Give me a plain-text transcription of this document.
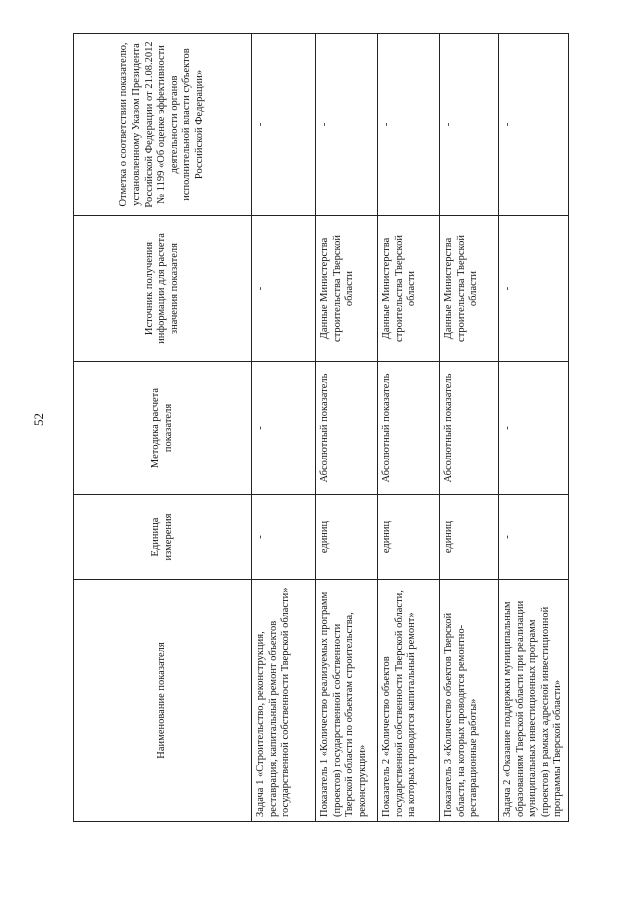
52
Наименование показателя	Единица измерения	Методика расчета показателя	Источник получения информации для расчета значения показателя	Отметка о соответствии показателю, установленному Указом Президента Российской Федерации от 21.08.2012 № 1199 «Об оценке эффективности деятельности органов исполнительной власти субъектов Российской Федерации»
Задача 1 «Строительство, реконструкция, реставрация, капитальный ремонт объектов государственной собственности Тверской области»	-	-	-	-
Показатель 1 «Количество реализуемых программ (проектов) государственной собственности Тверской области по объектам строительства, реконструкции»	единиц	Абсолютный показатель	Данные Министерства строительства Тверской области	-
Показатель 2 «Количество объектов государственной собственности Тверской области, на которых проводится капитальный ремонт»	единиц	Абсолютный показатель	Данные Министерства строительства Тверской области	-
Показатель 3 «Количество объектов Тверской области, на которых проводятся ремонтно-реставрационные работы»	единиц	Абсолютный показатель	Данные Министерства строительства Тверской области	-
Задача 2 «Оказание поддержки муниципальным образованиям Тверской области при реализации муниципальных инвестиционных программ (проектов) в рамках адресной инвестиционной программы Тверской области»	-	-	-	-
